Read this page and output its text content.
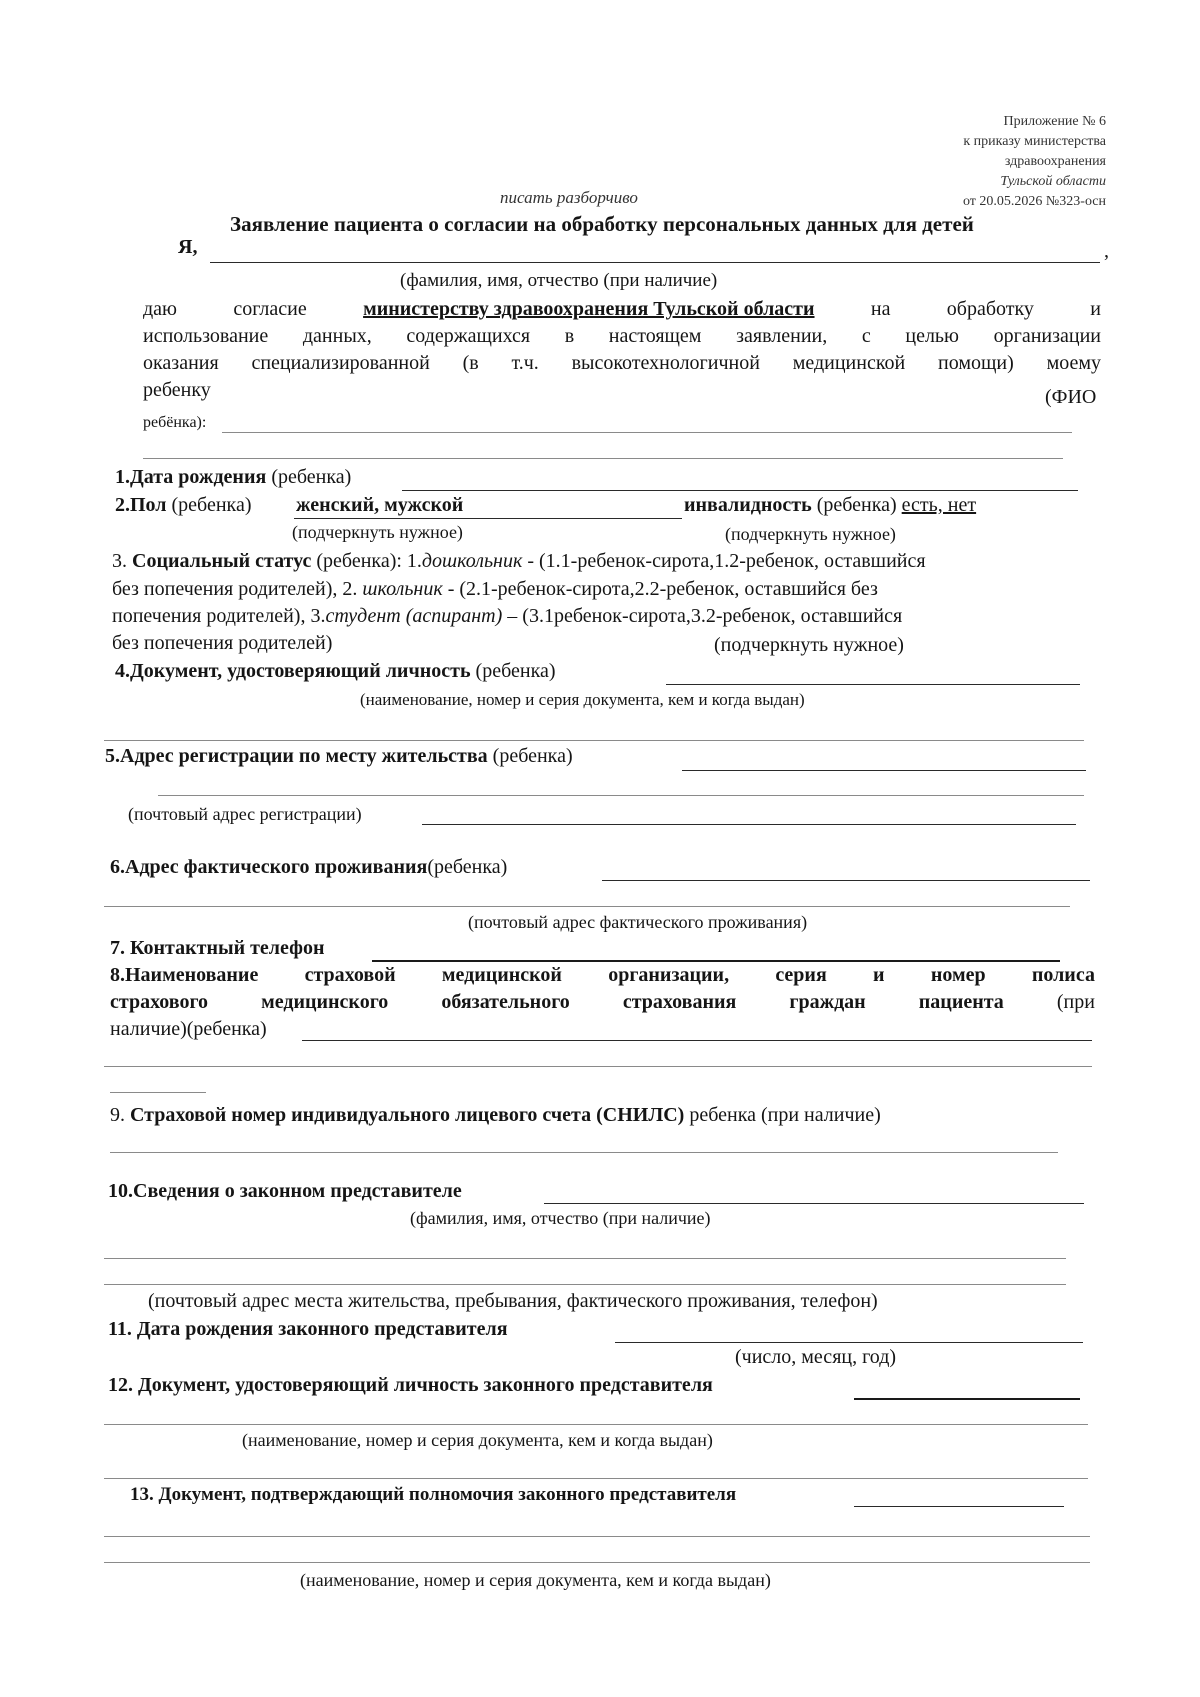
Приложение № 6
к приказу министерства
здравоохранения
Тульской области
от 20.05.2026 №323-осн
писать разборчиво
Заявление пациента о согласии на обработку персональных данных для детей
Я,	,
(фамилия, имя, отчество (при наличие)
даю	согласие	министерству здравоохранения Тульской области	на	обработку	и
использование данных, содержащихся в настоящем заявлении, с целью организации
оказания специализированной (в т.ч. высокотехнологичной медицинской помощи) моему
ребенку	(ФИО
ребёнка):
1.Дата рождения (ребенка)
2.Пол (ребенка) женский, мужской	инвалидность (ребенка) есть, нет
(подчеркнуть нужное)	(подчеркнуть нужное)
3. Социальный статус (ребенка): 1.дошкольник - (1.1-ребенок-сирота,1.2-ребенок, оставшийся
без попечения родителей), 2. школьник - (2.1-ребенок-сирота,2.2-ребенок, оставшийся без
попечения родителей), 3.студент (аспирант) – (3.1ребенок-сирота,3.2-ребенок, оставшийся
без попечения родителей)	(подчеркнуть нужное)
4.Документ, удостоверяющий личность (ребенка)
(наименование, номер и серия документа, кем и когда выдан)
5.Адрес регистрации по месту жительства (ребенка)
(почтовый адрес регистрации)
6.Адрес фактического проживания(ребенка)
(почтовый адрес фактического проживания)
7. Контактный телефон
8.Наименование страховой медицинской организации, серия и номер полиса
страхового	медицинского	обязательного	страхования	граждан	пациента	(при
наличие)(ребенка)
9. Страховой номер индивидуального лицевого счета (СНИЛС) ребенка (при наличие)
10.Сведения о законном представителе
(фамилия, имя, отчество (при наличие)
(почтовый адрес места жительства, пребывания, фактического проживания, телефон)
11. Дата рождения законного представителя
(число, месяц, год)
12. Документ, удостоверяющий личность законного представителя
(наименование, номер и серия документа, кем и когда выдан)
13. Документ, подтверждающий полномочия законного представителя
(наименование, номер и серия документа, кем и когда выдан)
